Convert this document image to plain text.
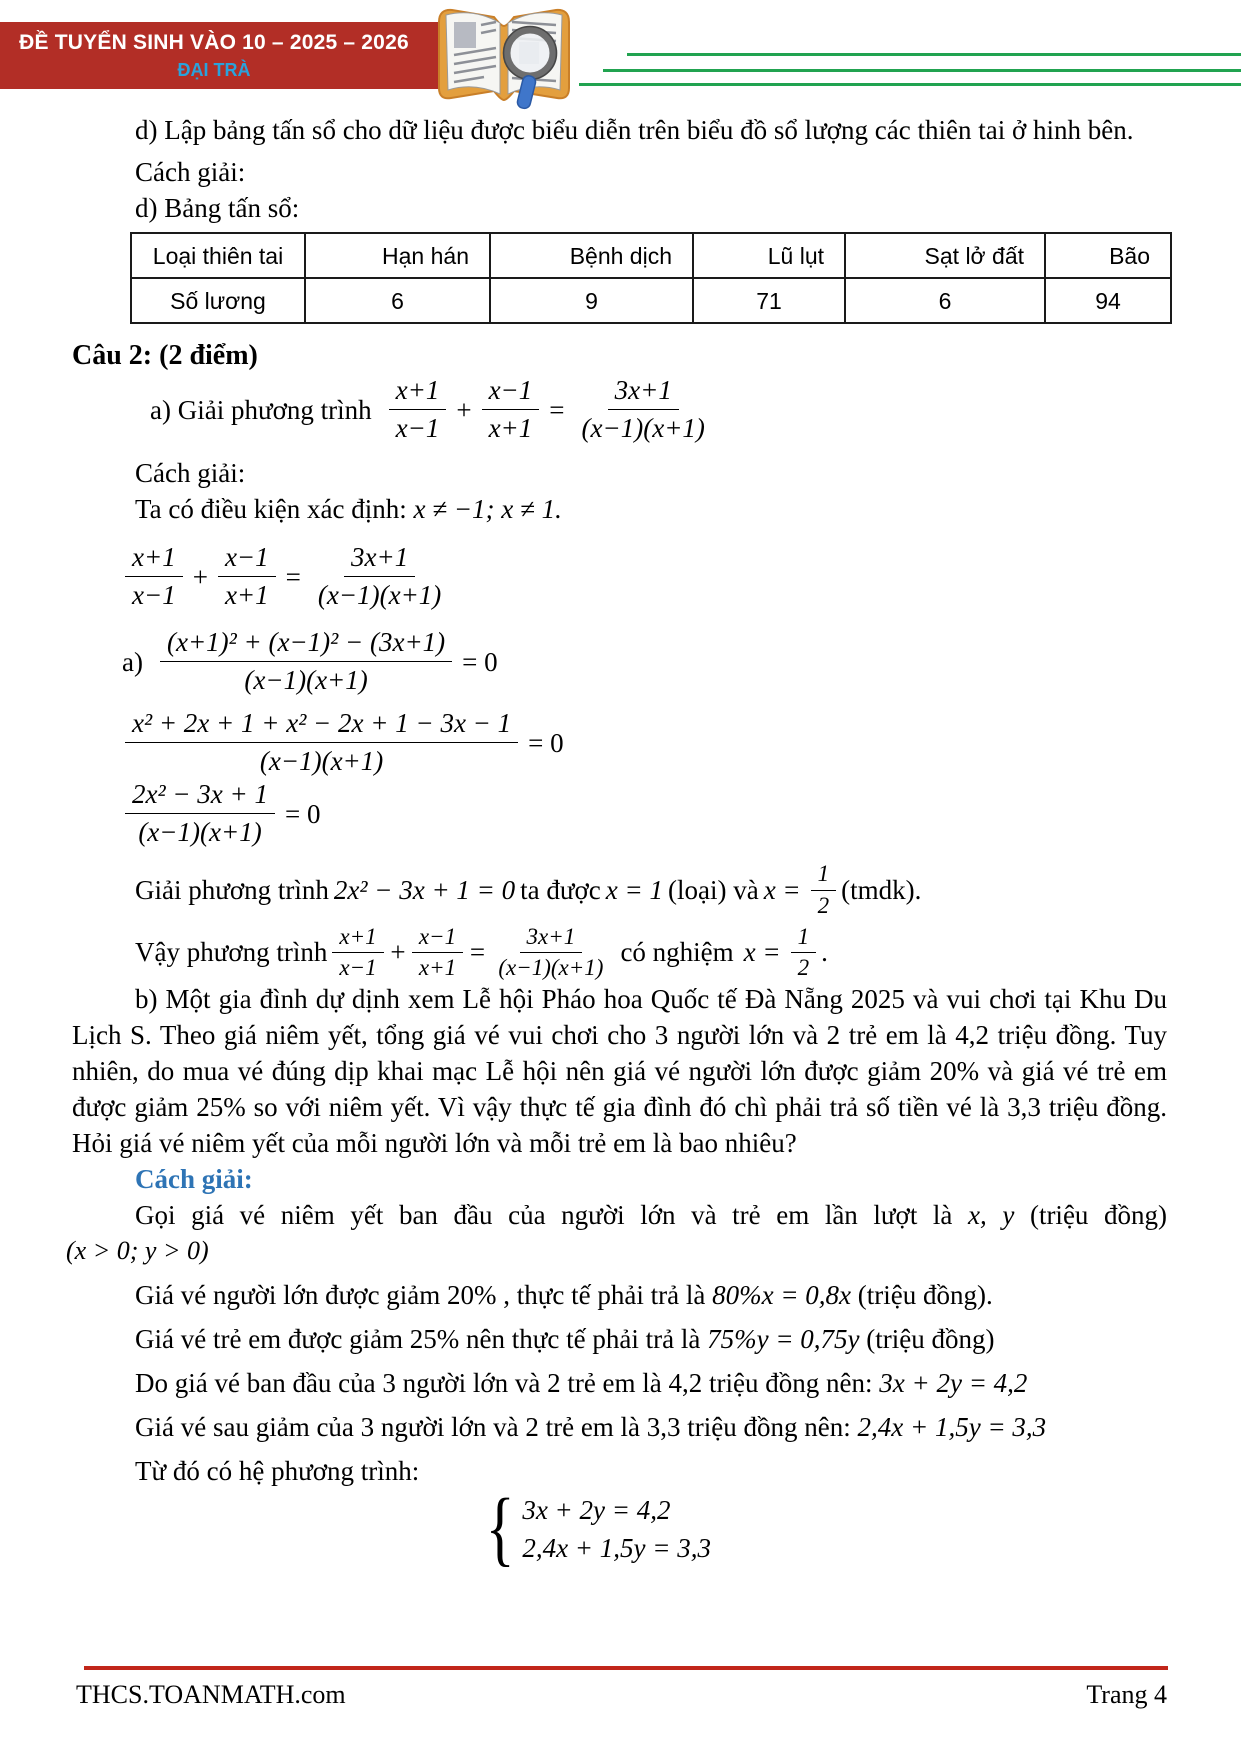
ĐỀ TUYỂN SINH VÀO 10 – 2025 – 2026
ĐẠI TRÀ

d) Lập bảng tấn sổ cho dữ liệu được biểu diễn trên biểu đồ sổ lượng các thiên tai ở hinh bên.

Cách giải:

d) Bảng tấn sổ:

Loại thiên tai	Hạn hán	Bệnh dịch	Lũ lụt	Sạt lở đất	Bão
Số lương	6	9	71	6	94

Câu 2: (2 điểm)

a) Giải phương trình $\frac{x+1}{x-1} + \frac{x-1}{x+1} = \frac{3x+1}{(x-1)(x+1)}$

Cách giải:

Ta có điều kiện xác định: x ≠ −1; x ≠ 1.

$\frac{x+1}{x-1} + \frac{x-1}{x+1} = \frac{3x+1}{(x-1)(x+1)}$
$a) \frac{\text{(x+1)² + (x−1)² − (3x+1)}}{(x-1)(x+1)} = 0$
$\frac{\text{x² + 2x + 1 + x² − 2x + 1 − 3x − 1}}{(x-1)(x+1)} = 0$
$\frac{\text{2x² − 3x + 1}}{(x-1)(x+1)} = 0$
Giải phương trình 2x² − 3x + 1 = 0 ta được x = 1 (loại) và $x = \frac{1}{2}$ (tmdk) .
Vậy phương trình $\frac{x+1}{x-1} + \frac{x-1}{x+1} = \frac{3x+1}{(x-1)(x+1)}$ có nghiệm $x = \frac{1}{2}$ .

b) Một gia đình dự dịnh xem Lễ hội Pháo hoa Quốc tế Đà Nẵng 2025 và vui chơi tại Khu Du Lịch S. Theo giá niêm yết, tổng giá vé vui chơi cho 3 người lớn và 2 trẻ em là 4,2 triệu đồng. Tuy nhiên, do mua vé đúng dịp khai mạc Lễ hội nên giá vé người lớn được giảm 20% và giá vé trẻ em được giảm 25% so với niêm yết. Vì vậy thực tế gia đình đó chì phải trả số tiền vé là 3,3 triệu đồng. Hỏi giá vé niêm yết của mỗi người lớn và mỗi trẻ em là bao nhiêu?

Cách giải:

Gọi giá vé niêm yết ban đầu của người lớn và trẻ em lần lượt là x, y (triệu đồng)

(x > 0; y > 0)

Giá vé người lớn được giảm 20% , thực tế phải trả là 80%x = 0,8x (triệu đồng).

Giá vé trẻ em được giảm 25% nên thực tế phải trả là 75%y = 0,75y (triệu đồng)

Do giá vé ban đầu của 3 người lớn và 2 trẻ em là 4,2 triệu đồng nên: 3x + 2y = 4,2

Giá vé sau giảm của 3 người lớn và 2 trẻ em là 3,3 triệu đồng nên: 2,4x + 1,5y = 3,3

Từ đó có hệ phương trình:

{ 3x + 2y = 4,2
2,4x + 1,5y = 3,3
THCS.TOANMATH.com	Trang 4
